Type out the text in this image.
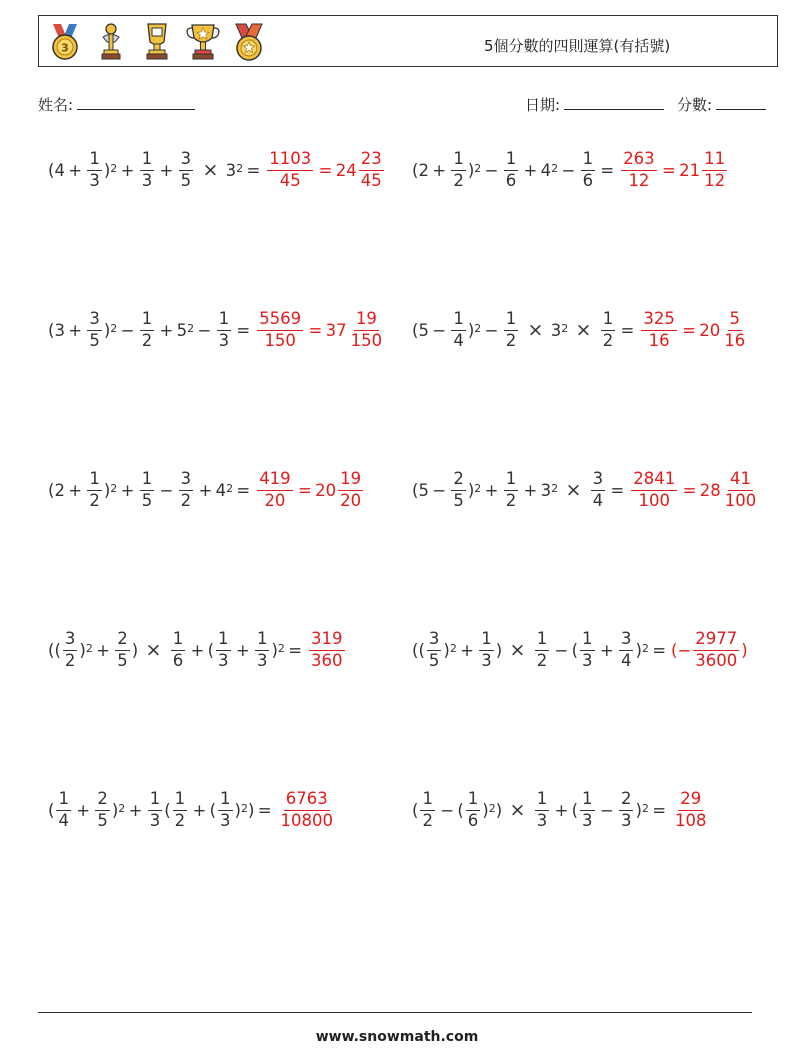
3	5個分數的四則運算(有括號)
姓名:	日期:	分數:
$(4 + \frac{1}{3} )^2$
  +  $\frac{1}{3}$
  +  $\frac{3}{5}$
  ×
  $3^2$
  = $\frac{1103}{45}$
  =  $24 \frac{23}{45} (2 + \frac{1}{2} )^2$
  −  $\frac{1}{6}$
  +  $4^2$
  −  $\frac{1}{6}$
  = $\frac{263}{12}$
  =  $21 \frac{11}{12}$
$(3 + \frac{3}{5} )^2$
  −  $\frac{1}{2}$
  +  $5^2$
  −  $\frac{1}{3}$
  = $\frac{5569}{150}$
  =  $37 \frac{19}{150} (5 - \frac{1}{4} )^2$
  −  $\frac{1}{2}$
  ×
  $3^2$
  ×
  $\frac{1}{2}$
  = $\frac{325}{16}$
  =  $20 \frac{5}{16}$
$(2 + \frac{1}{2} )^2$
  +  $\frac{1}{5}$
  −  $\frac{3}{2}$
  +  $4^2$
  = $\frac{419}{20}$
  =  $20 \frac{19}{20}$	$(5 - \frac{2}{5} )^2$
  +  $\frac{1}{2}$
  +  $3^2$
  ×
  $\frac{3}{4}$
  = $\frac{2841}{100}$
  =  $28 \frac{41}{100}$
(( $\frac{3}{2} )^2$
  +  $\frac{2}{5}$ )  ×
  $\frac{1}{6}$
  +  ( $\frac{1}{3}$
  +  $\frac{1}{3} )^2$
  = $\frac{319}{360}$	(( $\frac{3}{5} )^2$
  +  $\frac{1}{3}$ )  ×
  $\frac{1}{2}$
  −  ( $\frac{1}{3}$
  +  $\frac{3}{4} )^2$
  = (− $\frac{2977}{3600}$ )
( $\frac{1}{4}$
  +  $\frac{2}{5} )^2$
  +  $\frac{1}{3}$ ( $\frac{1}{2}$
  +  ( $\frac{1}{3} )^2$ )  = $\frac{6763}{10800}$	( $\frac{1}{2}$
  −  ( $\frac{1}{6} )^2$ )  ×
  $\frac{1}{3}$
  +  ( $\frac{1}{3}$
  −  $\frac{2}{3} )^2$
  = $\frac{29}{108}$
www.snowmath.com
